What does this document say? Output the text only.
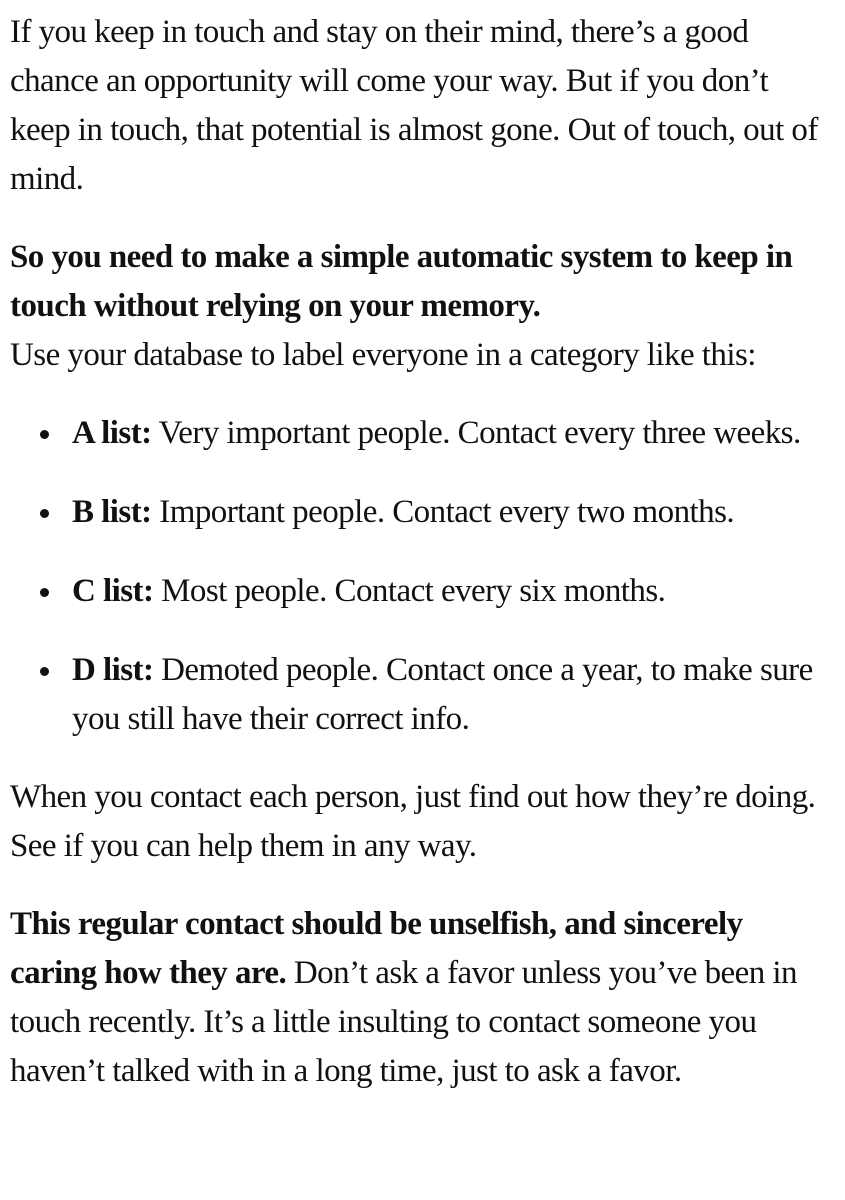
If you keep in touch and stay on their mind, there’s a good chance an opportunity will come your way. But if you don’t keep in touch, that potential is almost gone. Out of touch, out of mind.

So you need to make a simple automatic system to keep in touch without relying on your memory.
Use your database to label everyone in a category like this:

A list: Very important people. Contact every three weeks.
B list: Important people. Contact every two months.
C list: Most people. Contact every six months.
D list: Demoted people. Contact once a year, to make sure you still have their correct info.

When you contact each person, just find out how they’re doing. See if you can help them in any way.

This regular contact should be unselfish, and sincerely caring how they are. Don’t ask a favor unless you’ve been in touch recently. It’s a little insulting to contact someone you haven’t talked with in a long time, just to ask a favor.
